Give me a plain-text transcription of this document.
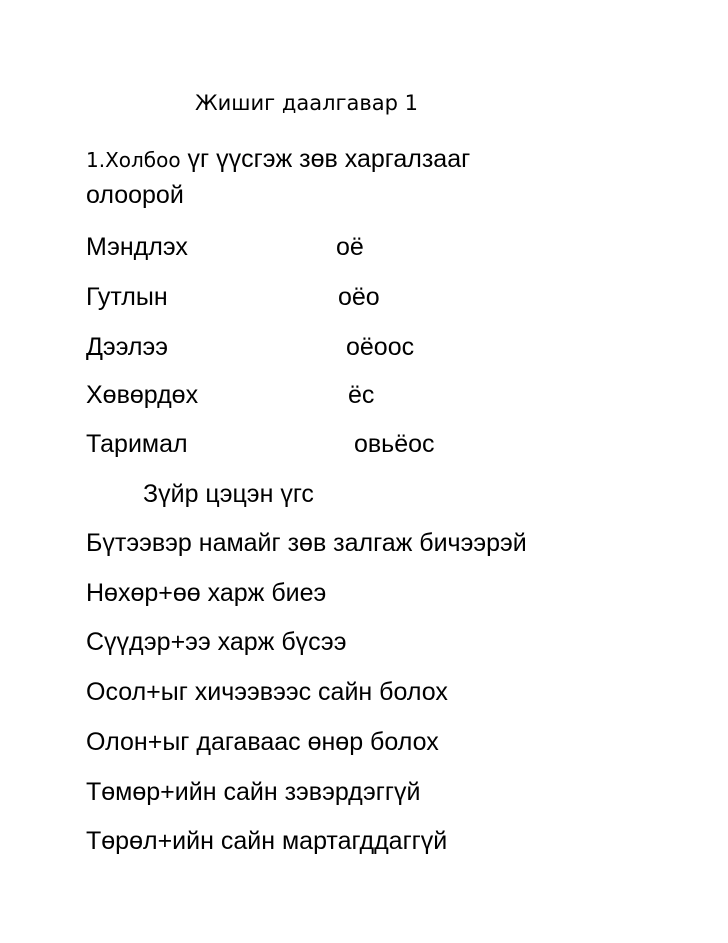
Жишиг даалгавар 1
1.Холбоо үг үүсгэж зөв харгалзааг
олоорой
Мэндлэх
Гутлын
Дээлээ
Хөвөрдөх
Таримал
оё
оёо
оёоос
ёс
овьёос
Зүйр цэцэн үгс
Бүтээвэр намайг зөв залгаж бичээрэй
Нөхөр+өө харж биеэ
Сүүдэр+ээ харж бүсээ
Осол+ыг хичээвээс сайн болох
Олон+ыг дагаваас өнөр болох
Төмөр+ийн сайн зэвэрдэггүй
Төрөл+ийн сайн мартагддаггүй
